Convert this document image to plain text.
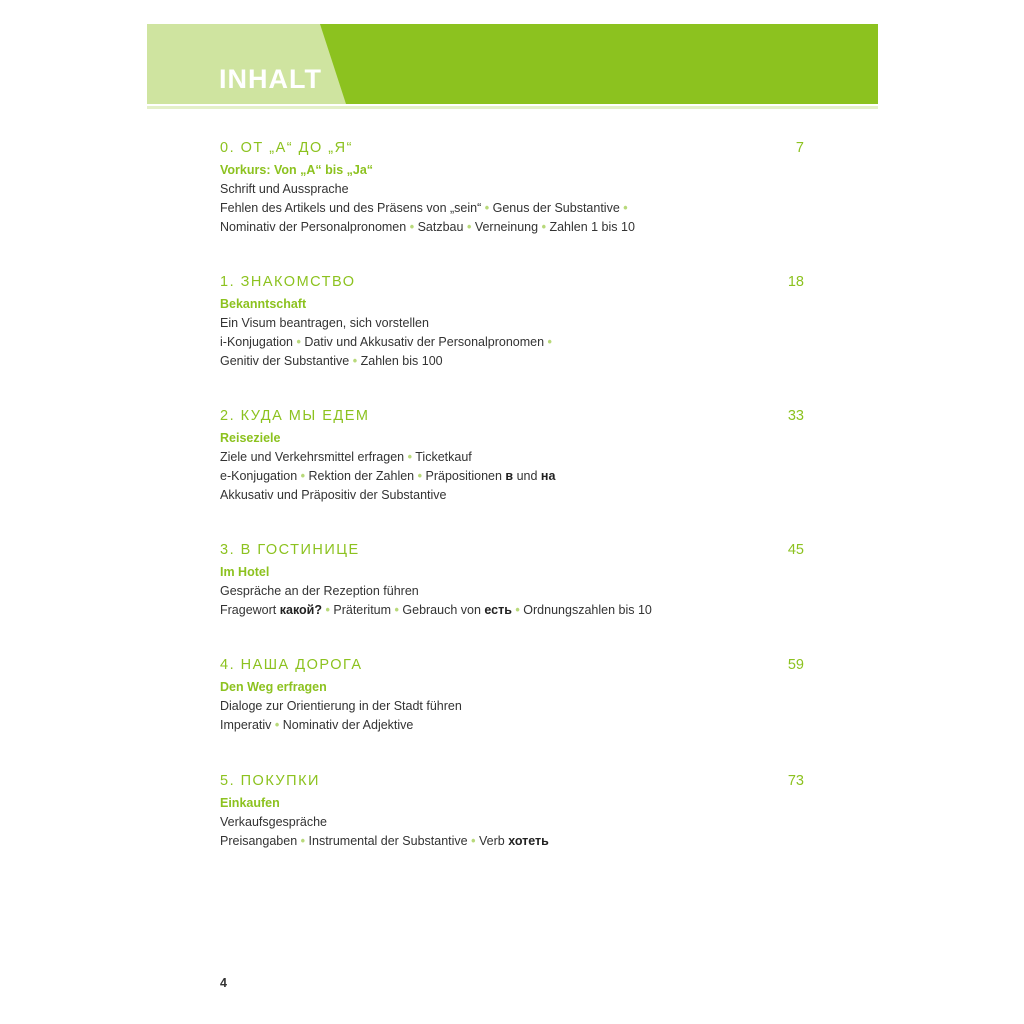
INHALT
0. ОТ „А“ ДО „Я“	7
Vorkurs: Von „A“ bis „Ja“
Schrift und Aussprache
Fehlen des Artikels und des Präsens von „sein“ • Genus der Substantive •
Nominativ der Personalpronomen • Satzbau • Verneinung • Zahlen 1 bis 10
1. ЗНАКОМСТВО	18
Bekanntschaft
Ein Visum beantragen, sich vorstellen
i-Konjugation • Dativ und Akkusativ der Personalpronomen •
Genitiv der Substantive • Zahlen bis 100
2. КУДА МЫ ЕДЕМ	33
Reiseziele
Ziele und Verkehrsmittel erfragen • Ticketkauf
e-Konjugation • Rektion der Zahlen • Präpositionen в und на
Akkusativ und Präpositiv der Substantive
3. В ГОСТИНИЦЕ	45
Im Hotel
Gespräche an der Rezeption führen
Fragewort какой? • Präteritum • Gebrauch von есть • Ordnungszahlen bis 10
4. НАША ДОРОГА	59
Den Weg erfragen
Dialoge zur Orientierung in der Stadt führen
Imperativ • Nominativ der Adjektive
5. ПОКУПКИ	73
Einkaufen
Verkaufsgespräche
Preisangaben • Instrumental der Substantive • Verb хотеть
4
